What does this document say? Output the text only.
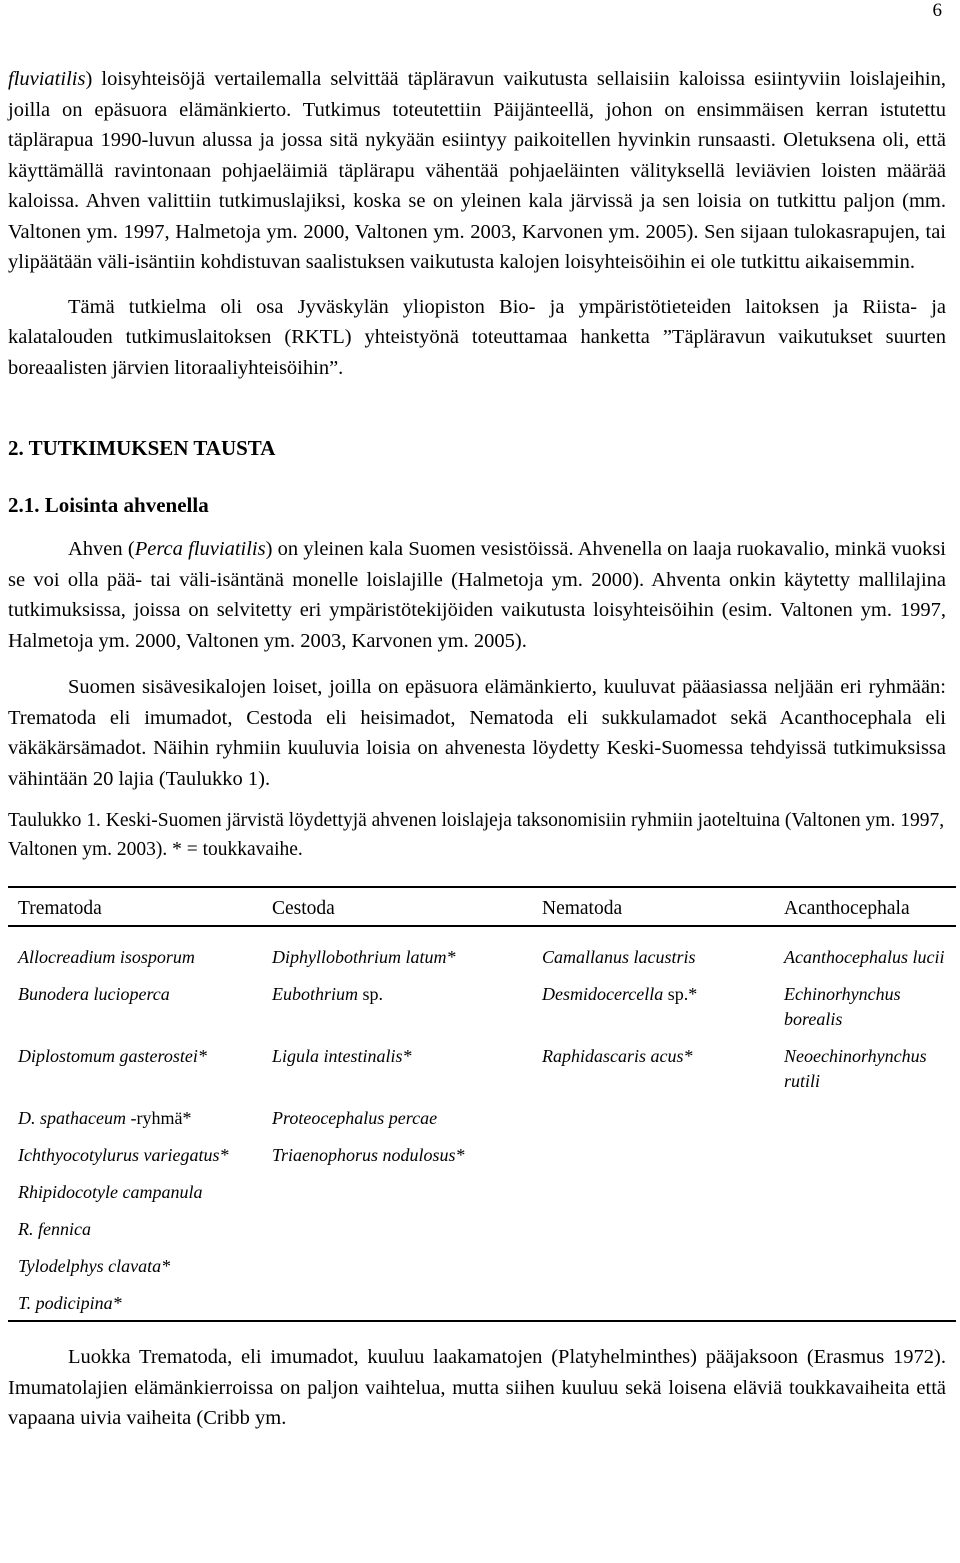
6

fluviatilis) loisyhteisöjä vertailemalla selvittää täpläravun vaikutusta sellaisiin kaloissa esiintyviin loislajeihin, joilla on epäsuora elämänkierto. Tutkimus toteutettiin Päijänteellä, johon on ensimmäisen kerran istutettu täplärapua 1990-luvun alussa ja jossa sitä nykyään esiintyy paikoitellen hyvinkin runsaasti. Oletuksena oli, että käyttämällä ravintonaan pohjaeläimiä täplärapu vähentää pohjaeläinten välityksellä leviävien loisten määrää kaloissa. Ahven valittiin tutkimuslajiksi, koska se on yleinen kala järvissä ja sen loisia on tutkittu paljon (mm. Valtonen ym. 1997, Halmetoja ym. 2000, Valtonen ym. 2003, Karvonen ym. 2005). Sen sijaan tulokasrapujen, tai ylipäätään väli-isäntiin kohdistuvan saalistuksen vaikutusta kalojen loisyhteisöihin ei ole tutkittu aikaisemmin.

Tämä tutkielma oli osa Jyväskylän yliopiston Bio- ja ympäristötieteiden laitoksen ja Riista- ja kalatalouden tutkimuslaitoksen (RKTL) yhteistyönä toteuttamaa hanketta ”Täpläravun vaikutukset suurten boreaalisten järvien litoraaliyhteisöihin”.

2. TUTKIMUKSEN TAUSTA
2.1. Loisinta ahvenella

Ahven (Perca fluviatilis) on yleinen kala Suomen vesistöissä. Ahvenella on laaja ruokavalio, minkä vuoksi se voi olla pää- tai väli-isäntänä monelle loislajille (Halmetoja ym. 2000). Ahventa onkin käytetty mallilajina tutkimuksissa, joissa on selvitetty eri ympäristötekijöiden vaikutusta loisyhteisöihin (esim. Valtonen ym. 1997, Halmetoja ym. 2000, Valtonen ym. 2003, Karvonen ym. 2005).

Suomen sisävesikalojen loiset, joilla on epäsuora elämänkierto, kuuluvat pääasiassa neljään eri ryhmään: Trematoda eli imumadot, Cestoda eli heisimadot, Nematoda eli sukkulamadot sekä Acanthocephala eli väkäkärsämadot. Näihin ryhmiin kuuluvia loisia on ahvenesta löydetty Keski-Suomessa tehdyissä tutkimuksissa vähintään 20 lajia (Taulukko 1).

Taulukko 1. Keski-Suomen järvistä löydettyjä ahvenen loislajeja taksonomisiin ryhmiin jaoteltuina (Valtonen ym. 1997, Valtonen ym. 2003). * = toukkavaihe.

Trematoda	Cestoda	Nematoda	Acanthocephala
Allocreadium isosporum	Diphyllobothrium latum*	Camallanus lacustris	Acanthocephalus lucii
Bunodera lucioperca	Eubothrium sp.	Desmidocercella sp.*	Echinorhynchus borealis
Diplostomum gasterostei*	Ligula intestinalis*	Raphidascaris acus*	Neoechinorhynchus rutili
D. spathaceum -ryhmä*	Proteocephalus percae		
Ichthyocotylurus variegatus*	Triaenophorus nodulosus*		
Rhipidocotyle campanula			
R. fennica			
Tylodelphys clavata*			
T. podicipina*			

Luokka Trematoda, eli imumadot, kuuluu laakamatojen (Platyhelminthes) pääjaksoon (Erasmus 1972). Imumatolajien elämänkierroissa on paljon vaihtelua, mutta siihen kuuluu sekä loisena eläviä toukkavaiheita että vapaana uivia vaiheita (Cribb ym.
